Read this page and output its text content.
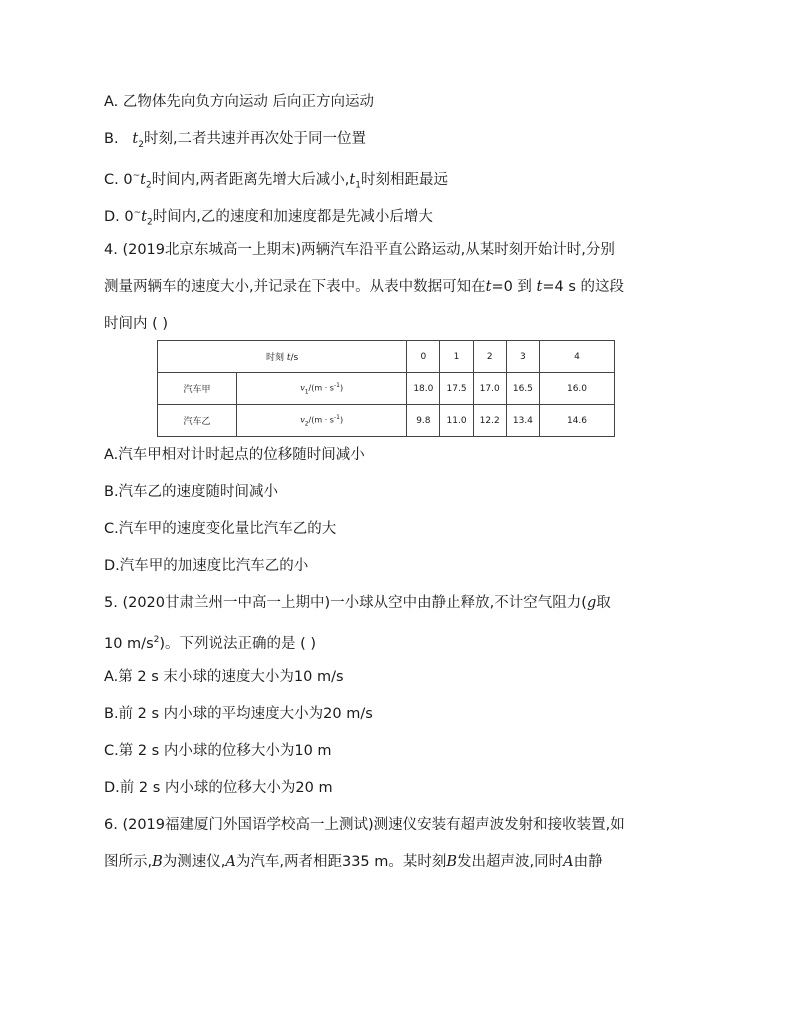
A. 乙物体先向负方向运动 后向正方向运动
B. $t_2$时刻,二者共速并再次处于同一位置
C. $0^\sim t_2$时间内,两者距离先增大后减小$,t_1$时刻相距最远
D. $0^\sim t_2$时间内,乙的速度和加速度都是先减小后增大
4. (2019北京东城高一上期末)两辆汽车沿平直公路运动,从某时刻开始计时,分别
测量两辆车的速度大小,并记录在下表中。从表中数据可知在t=0 到 t=4 s 的这段
时间内 ( )
时刻 t/s		0	1	2	3	4
汽车甲	$v_1/(m \cdot s^{-1})$	18.0	17.5	17.0	16.5	16.0
汽车乙	$v_2/(m \cdot s^{-1})$	9.8	11.0	12.2	13.4	14.6
A.汽车甲相对计时起点的位移随时间减小
B.汽车乙的速度随时间减小
C.汽车甲的速度变化量比汽车乙的大
D.汽车甲的加速度比汽车乙的小
5. (2020甘肃兰州一中高一上期中)一小球从空中由静止释放,不计空气阻力(g取
10 $m/s^2$)。下列说法正确的是 ( )
A.第 2 s 末小球的速度大小为10 m/s
B.前 2 s 内小球的平均速度大小为20 m/s
C.第 2 s 内小球的位移大小为10 m
D.前 2 s 内小球的位移大小为20 m
6. (2019福建厦门外国语学校高一上测试)测速仪安装有超声波发射和接收装置,如
图所示,B为测速仪,A为汽车,两者相距335 m。某时刻B发出超声波,同时A由静
